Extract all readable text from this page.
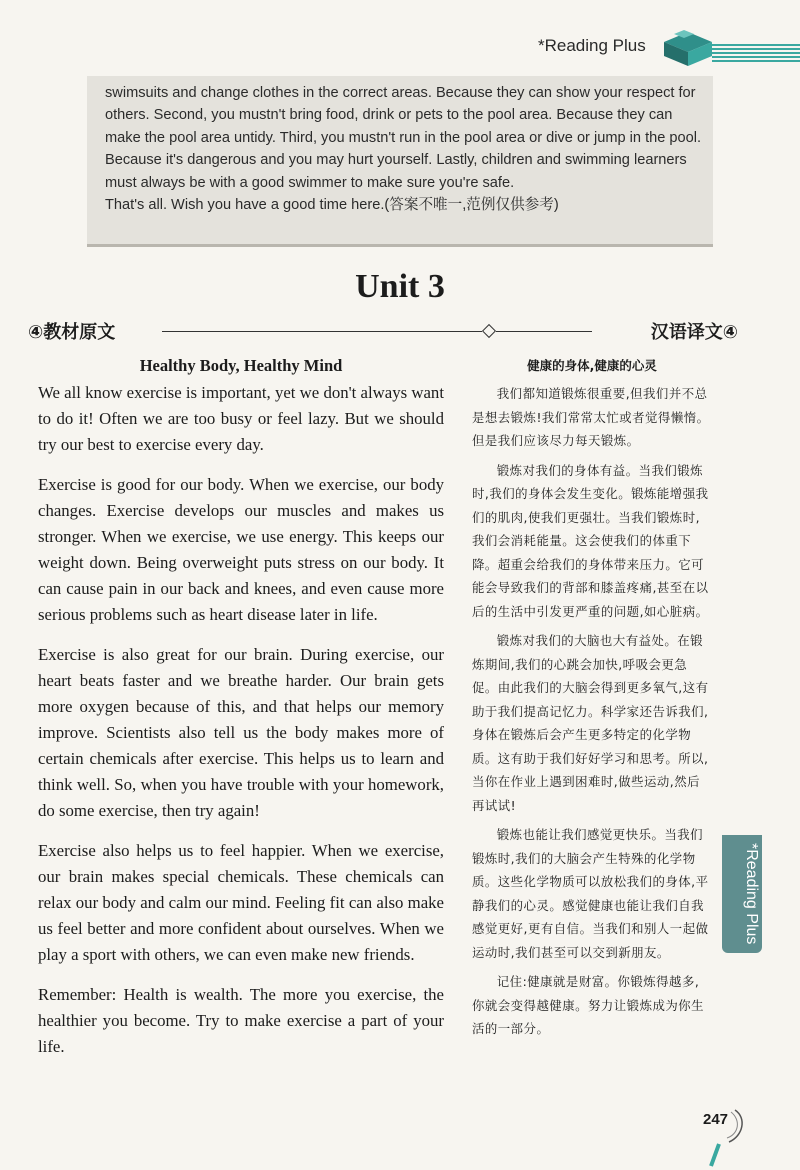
*Reading Plus

swimsuits and change clothes in the correct areas. Because they can show your respect for others. Second, you mustn't bring food, drink or pets to the pool area. Because they can make the pool area untidy. Third, you mustn't run in the pool area or dive or jump in the pool. Because it's dangerous and you may hurt yourself. Lastly, children and swimming learners must always be with a good swimmer to make sure you're safe.

That's all. Wish you have a good time here.(答案不唯一,范例仅供参考)

Unit 3
④教材原文	汉语译文④

Healthy Body, Healthy Mind

We all know exercise is important, yet we don't always want to do it! Often we are too busy or feel lazy. But we should try our best to exercise every day.

Exercise is good for our body. When we exercise, our body changes. Exercise develops our muscles and makes us stronger. When we exercise, we use energy. This keeps our weight down. Being overweight puts stress on our body. It can cause pain in our back and knees, and even cause more serious problems such as heart disease later in life.

Exercise is also great for our brain. During exercise, our heart beats faster and we breathe harder. Our brain gets more oxygen because of this, and that helps our memory improve. Scientists also tell us the body makes more of certain chemicals after exercise. This helps us to learn and think well. So, when you have trouble with your homework, do some exercise, then try again!

Exercise also helps us to feel happier. When we exercise, our brain makes special chemicals. These chemicals can relax our body and calm our mind. Feeling fit can also make us feel better and more confident about ourselves. When we play a sport with others, we can even make new friends.

Remember: Health is wealth. The more you exercise, the healthier you become. Try to make exercise a part of your life.

健康的身体,健康的心灵

我们都知道锻炼很重要,但我们并不总是想去锻炼!我们常常太忙或者觉得懒惰。但是我们应该尽力每天锻炼。

锻炼对我们的身体有益。当我们锻炼时,我们的身体会发生变化。锻炼能增强我们的肌肉,使我们更强壮。当我们锻炼时,我们会消耗能量。这会使我们的体重下降。超重会给我们的身体带来压力。它可能会导致我们的背部和膝盖疼痛,甚至在以后的生活中引发更严重的问题,如心脏病。

锻炼对我们的大脑也大有益处。在锻炼期间,我们的心跳会加快,呼吸会更急促。由此我们的大脑会得到更多氧气,这有助于我们提高记忆力。科学家还告诉我们,身体在锻炼后会产生更多特定的化学物质。这有助于我们好好学习和思考。所以,当你在作业上遇到困难时,做些运动,然后再试试!

锻炼也能让我们感觉更快乐。当我们锻炼时,我们的大脑会产生特殊的化学物质。这些化学物质可以放松我们的身体,平静我们的心灵。感觉健康也能让我们自我感觉更好,更有自信。当我们和别人一起做运动时,我们甚至可以交到新朋友。

记住:健康就是财富。你锻炼得越多,你就会变得越健康。努力让锻炼成为你生活的一部分。

*Reading Plus
247
